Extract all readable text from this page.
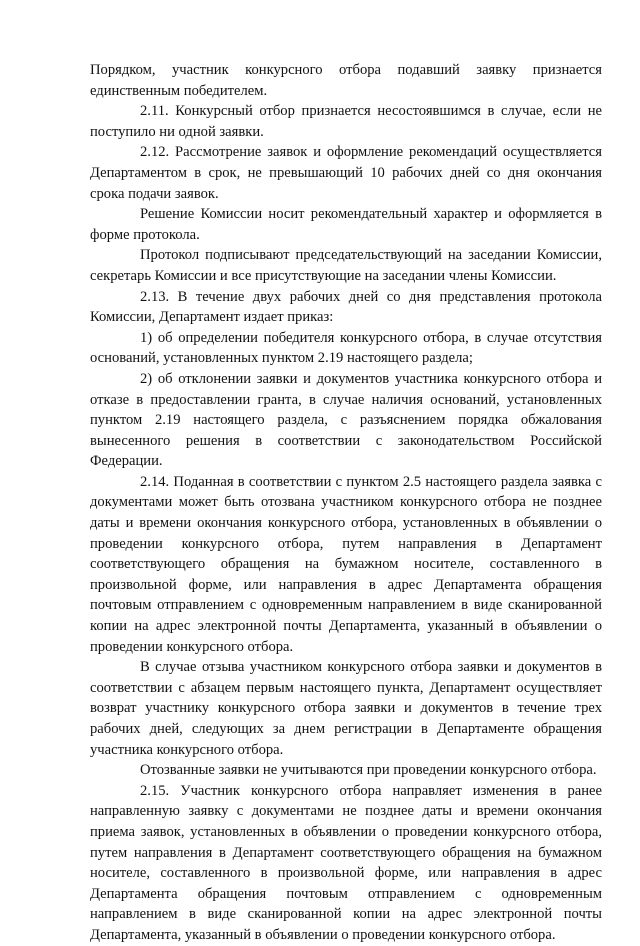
Порядком, участник конкурсного отбора подавший заявку признается единственным победителем.

2.11. Конкурсный отбор признается несостоявшимся в случае, если не поступило ни одной заявки.

2.12. Рассмотрение заявок и оформление рекомендаций осуществляется Департаментом в срок, не превышающий 10 рабочих дней со дня окончания срока подачи заявок.

Решение Комиссии носит рекомендательный характер и оформляется в форме протокола.

Протокол подписывают председательствующий на заседании Комиссии, секретарь Комиссии и все присутствующие на заседании члены Комиссии.

2.13. В течение двух рабочих дней со дня представления протокола Комиссии, Департамент издает приказ:

1) об определении победителя конкурсного отбора, в случае отсутствия оснований, установленных пунктом 2.19 настоящего раздела;

2) об отклонении заявки и документов участника конкурсного отбора и отказе в предоставлении гранта, в случае наличия оснований, установленных пунктом 2.19 настоящего раздела, с разъяснением порядка обжалования вынесенного решения в соответствии с законодательством Российской Федерации.

2.14. Поданная в соответствии с пунктом 2.5 настоящего раздела заявка с документами может быть отозвана участником конкурсного отбора не позднее даты и времени окончания конкурсного отбора, установленных в объявлении о проведении конкурсного отбора, путем направления в Департамент соответствующего обращения на бумажном носителе, составленного в произвольной форме, или направления в адрес Департамента обращения почтовым отправлением с одновременным направлением в виде сканированной копии на адрес электронной почты Департамента, указанный в объявлении о проведении конкурсного отбора.

В случае отзыва участником конкурсного отбора заявки и документов в соответствии с абзацем первым настоящего пункта, Департамент осуществляет возврат участнику конкурсного отбора заявки и документов в течение трех рабочих дней, следующих за днем регистрации в Департаменте обращения участника конкурсного отбора.

Отозванные заявки не учитываются при проведении конкурсного отбора.

2.15. Участник конкурсного отбора направляет изменения в ранее направленную заявку с документами не позднее даты и времени окончания приема заявок, установленных в объявлении о проведении конкурсного отбора, путем направления в Департамент соответствующего обращения на бумажном носителе, составленного в произвольной форме, или направления в адрес Департамента обращения почтовым отправлением с одновременным направлением в виде сканированной копии на адрес электронной почты Департамента, указанный в объявлении о проведении конкурсного отбора.
